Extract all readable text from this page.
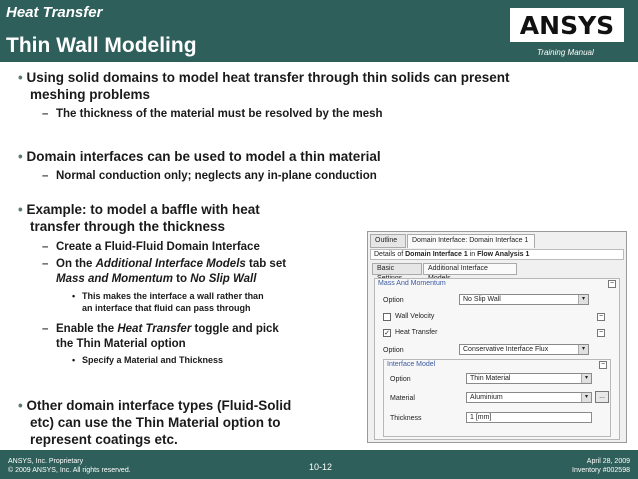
Heat Transfer
Thin Wall Modeling
ANSYS
Training Manual
• Using solid domains to model heat transfer through thin solids can present
meshing problems
– The thickness of the material must be resolved by the mesh
• Domain interfaces can be used to model a thin material
– Normal conduction only; neglects any in-plane conduction
• Example: to model a baffle with heat
transfer through the thickness
– Create a Fluid-Fluid Domain Interface
– On the Additional Interface Models tab set
Mass and Momentum to No Slip Wall
• This makes the interface a wall rather than
an interface that fluid can pass through
– Enable the Heat Transfer toggle and pick
the Thin Material option
• Specify a Material and Thickness
• Other domain interface types (Fluid-Solid
etc) can use the Thin Material option to
represent coatings etc.
Outline	Domain Interface: Domain Interface 1
Details of Domain Interface 1 in Flow Analysis 1
Basic	Additional Interface
Mass And Momentum	−
Option	No Slip Wall	▾
Wall Velocity	−
✓ Heat Transfer	−
Option	Conservative Interface Flux	▾
Interface Model	−
Option	Thin Material	▾
Material	Aluminium	▾	...
Thickness	1 [mm]
ANSYS, Inc. Proprietary
© 2009 ANSYS, Inc. All rights reserved.	10-12
April 28, 2009
Inventory #002598
